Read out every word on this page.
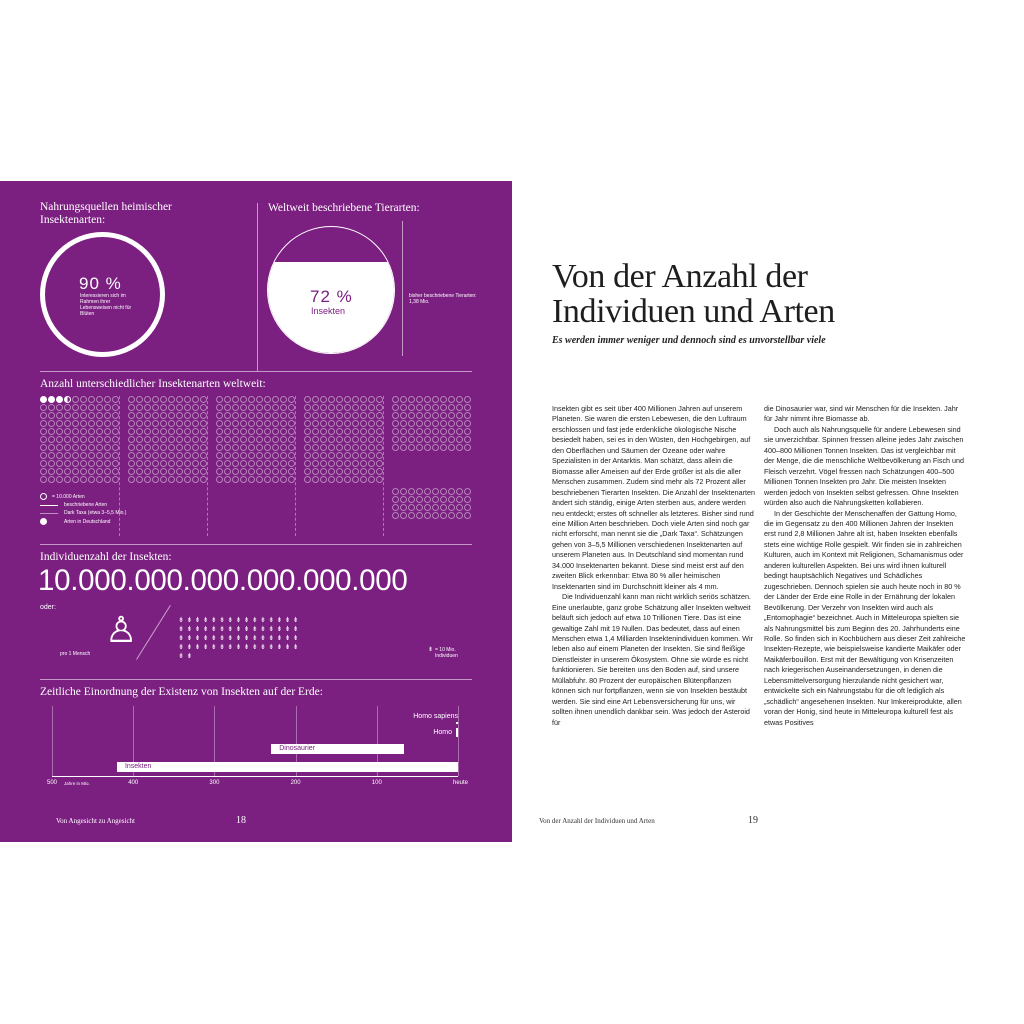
Nahrungsquellen heimischer Insektenarten:
90 %
Interessieren sich im Rahmen ihrer Lebensweisen nicht für Blüten
Weltweit beschriebene Tierarten:
72 %
Insekten
bisher beschriebene Tierarten: 1,38 Mio.
Anzahl unterschiedlicher Insektenarten weltweit:
= 10.000 Arten
beschriebene Arten
Dark Taxa (etwa 3–5,5 Mio.)
Arten in Deutschland
Individuenzahl der Insekten:
10.000.000.000.000.000.000
oder:
♙
pro 1 Mensch
⇟ ⇟ ⇟ ⇟ ⇟ ⇟ ⇟ ⇟ ⇟ ⇟ ⇟ ⇟ ⇟ ⇟ ⇟
⇟ ⇟ ⇟ ⇟ ⇟ ⇟ ⇟ ⇟ ⇟ ⇟ ⇟ ⇟ ⇟ ⇟ ⇟
⇟ ⇟ ⇟ ⇟ ⇟ ⇟ ⇟ ⇟ ⇟ ⇟ ⇟ ⇟ ⇟ ⇟ ⇟
⇟ ⇟ ⇟ ⇟ ⇟ ⇟ ⇟ ⇟ ⇟ ⇟ ⇟ ⇟ ⇟ ⇟ ⇟
⇟ ⇟
⇟ = 10 Mio. Individuen
Zeitliche Einordnung der Existenz von Insekten auf der Erde:
500	400	300	200	100	heute
Jahre in Mio.
Homo sapiens
Homo
Dinosaurier
Insekten
Von Angesicht zu Angesicht	18
Von der Anzahl der
Individuen und Arten
Es werden immer weniger und dennoch sind es unvorstellbar viele

Insekten gibt es seit über 400 Millionen Jahren auf unserem Planeten. Sie waren die ersten Lebewesen, die den Luftraum erschlossen und fast jede erdenkliche ökologische Nische besiedelt haben, sei es in den Wüsten, den Hochgebirgen, auf den Oberflächen und Säumen der Ozeane oder wahre Spezialisten in der Antarktis. Man schätzt, dass allein die Biomasse aller Ameisen auf der Erde größer ist als die aller Menschen zusammen. Zudem sind mehr als 72 Prozent aller beschriebenen Tierarten Insekten. Die Anzahl der Insektenarten ändert sich ständig, einige Arten sterben aus, andere werden neu entdeckt; erstes oft schneller als letzteres. Bisher sind rund eine Million Arten beschrieben. Doch viele Arten sind noch gar nicht erforscht, man nennt sie die „Dark Taxa“. Schätzungen gehen von 3–5,5 Millionen verschiedenen Insektenarten auf unserem Planeten aus. In Deutschland sind momentan rund 34.000 Insektenarten bekannt. Diese sind meist erst auf den zweiten Blick erkennbar: Etwa 80 % aller heimischen Insektenarten sind im Durchschnitt kleiner als 4 mm.

Die Individuenzahl kann man nicht wirklich seriös schätzen. Eine unerlaubte, ganz grobe Schätzung aller Insekten weltweit beläuft sich jedoch auf etwa 10 Trillionen Tiere. Das ist eine gewaltige Zahl mit 19 Nullen. Das bedeutet, dass auf einen Menschen etwa 1,4 Milliarden Insektenindividuen kommen. Wir leben also auf einem Planeten der Insekten. Sie sind fleißige Dienstleister in unserem Ökosystem. Ohne sie würde es nicht funktionieren. Sie bereiten uns den Boden auf, sind unsere Müllabfuhr. 80 Prozent der europäischen Blütenpflanzen können sich nur fortpflanzen, wenn sie von Insekten bestäubt werden. Sie sind eine Art Lebensversicherung für uns, wir sollten ihnen unendlich dankbar sein. Was jedoch der Asteroid für

die Dinosaurier war, sind wir Menschen für die Insekten. Jahr für Jahr nimmt ihre Biomasse ab.

Doch auch als Nahrungsquelle für andere Lebewesen sind sie unverzichtbar. Spinnen fressen alleine jedes Jahr zwischen 400–800 Millionen Tonnen Insekten. Das ist vergleichbar mit der Menge, die die menschliche Weltbevölkerung an Fisch und Fleisch verzehrt. Vögel fressen nach Schätzungen 400–500 Millionen Tonnen Insekten pro Jahr. Die meisten Insekten werden jedoch von Insekten selbst gefressen. Ohne Insekten würden also auch die Nahrungsketten kollabieren.

In der Geschichte der Menschenaffen der Gattung Homo, die im Gegensatz zu den 400 Millionen Jahren der Insekten erst rund 2,8 Millionen Jahre alt ist, haben Insekten ebenfalls stets eine wichtige Rolle gespielt. Wir finden sie in zahlreichen Kulturen, auch im Kontext mit Religionen, Schamanismus oder anderen kulturellen Aspekten. Bei uns wird ihnen kulturell bedingt hauptsächlich Negatives und Schädliches zugeschrieben. Dennoch spielen sie auch heute noch in 80 % der Länder der Erde eine Rolle in der Ernährung der lokalen Bevölkerung. Der Verzehr von Insekten wird auch als „Entomophagie“ bezeichnet. Auch in Mitteleuropa spielten sie als Nahrungsmittel bis zum Beginn des 20. Jahrhunderts eine Rolle. So finden sich in Kochbüchern aus dieser Zeit zahlreiche Insekten-Rezepte, wie beispielsweise kandierte Maikäfer oder Maikäferbouillon. Erst mit der Bewältigung von Krisenzeiten nach kriegerischen Auseinandersetzungen, in denen die Lebensmittelversorgung hierzulande nicht gesichert war, entwickelte sich ein Nahrungstabu für die oft lediglich als „schädlich“ angesehenen Insekten. Nur Imkereiprodukte, allen voran der Honig, sind heute in Mitteleuropa kulturell fest als etwas Positives

Von der Anzahl der Individuen und Arten	19
